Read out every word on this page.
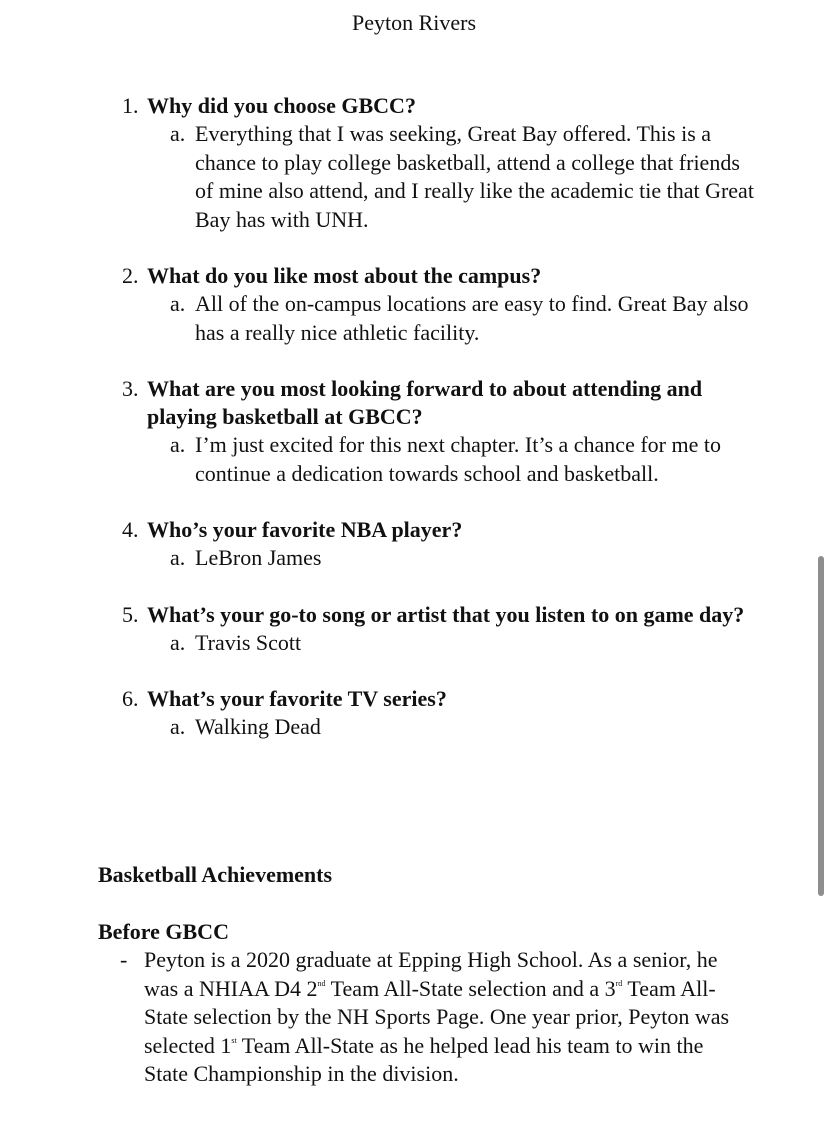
Peyton Rivers
1. Why did you choose GBCC?
a. Everything that I was seeking, Great Bay offered. This is a chance to play college basketball, attend a college that friends of mine also attend, and I really like the academic tie that Great Bay has with UNH.
2. What do you like most about the campus?
a. All of the on-campus locations are easy to find. Great Bay also has a really nice athletic facility.
3. What are you most looking forward to about attending and playing basketball at GBCC?
a. I’m just excited for this next chapter. It’s a chance for me to continue a dedication towards school and basketball.
4. Who’s your favorite NBA player?
a. LeBron James
5. What’s your go-to song or artist that you listen to on game day?
a. Travis Scott
6. What’s your favorite TV series?
a. Walking Dead
Basketball Achievements
Before GBCC
- Peyton is a 2020 graduate at Epping High School. As a senior, he was a NHIAA D4 2nd Team All-State selection and a 3rd Team All-State selection by the NH Sports Page. One year prior, Peyton was selected 1st Team All-State as he helped lead his team to win the State Championship in the division.
